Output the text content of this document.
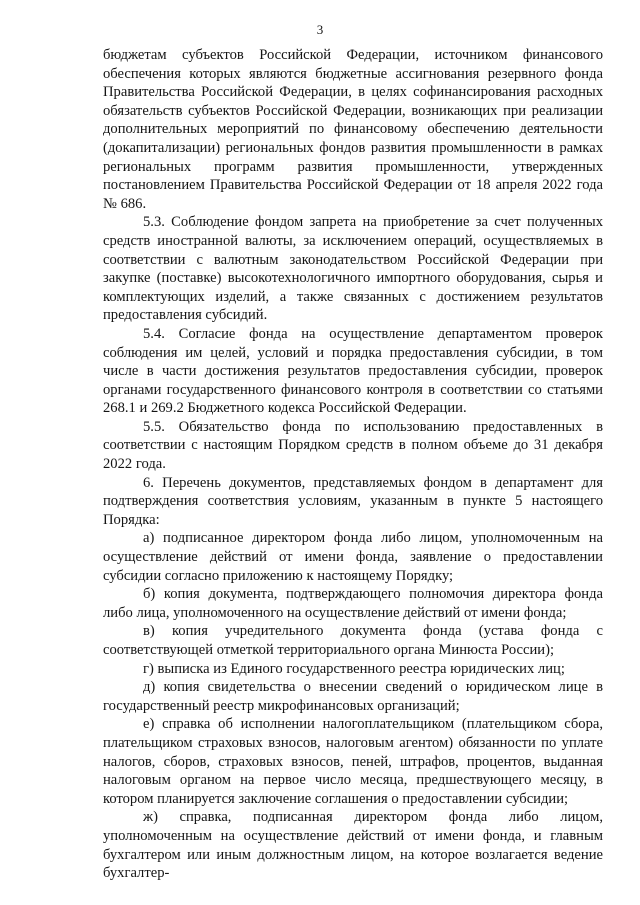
3

бюджетам субъектов Российской Федерации, источником финансового обеспечения которых являются бюджетные ассигнования резервного фонда Правительства Российской Федерации, в целях софинансирования расходных обязательств субъектов Российской Федерации, возникающих при реализации дополнительных мероприятий по финансовому обеспечению деятельности (докапитализации) региональных фондов развития промышленности в рамках региональных программ развития промышленности, утвержденных постановлением Правительства Российской Федерации от 18 апреля 2022 года № 686.

5.3. Соблюдение фондом запрета на приобретение за счет полученных средств иностранной валюты, за исключением операций, осуществляемых в соответствии с валютным законодательством Российской Федерации при закупке (поставке) высокотехнологичного импортного оборудования, сырья и комплектующих изделий, а также связанных с достижением результатов предоставления субсидий.

5.4. Согласие фонда на осуществление департаментом проверок соблюдения им целей, условий и порядка предоставления субсидии, в том числе в части достижения результатов предоставления субсидии, проверок органами государственного финансового контроля в соответствии со статьями 268.1 и 269.2 Бюджетного кодекса Российской Федерации.

5.5. Обязательство фонда по использованию предоставленных в соответствии с настоящим Порядком средств в полном объеме до 31 декабря 2022 года.

6. Перечень документов, представляемых фондом в департамент для подтверждения соответствия условиям, указанным в пункте 5 настоящего Порядка:

а) подписанное директором фонда либо лицом, уполномоченным на осуществление действий от имени фонда, заявление о предоставлении субсидии согласно приложению к настоящему Порядку;

б) копия документа, подтверждающего полномочия директора фонда либо лица, уполномоченного на осуществление действий от имени фонда;

в) копия учредительного документа фонда (устава фонда с соответствующей отметкой территориального органа Минюста России);

г) выписка из Единого государственного реестра юридических лиц;

д) копия свидетельства о внесении сведений о юридическом лице в государственный реестр микрофинансовых организаций;

е) справка об исполнении налогоплательщиком (плательщиком сбора, плательщиком страховых взносов, налоговым агентом) обязанности по уплате налогов, сборов, страховых взносов, пеней, штрафов, процентов, выданная налоговым органом на первое число месяца, предшествующего месяцу, в котором планируется заключение соглашения о предоставлении субсидии;

ж) справка, подписанная директором фонда либо лицом, уполномоченным на осуществление действий от имени фонда, и главным бухгалтером или иным должностным лицом, на которое возлагается ведение бухгалтер-
